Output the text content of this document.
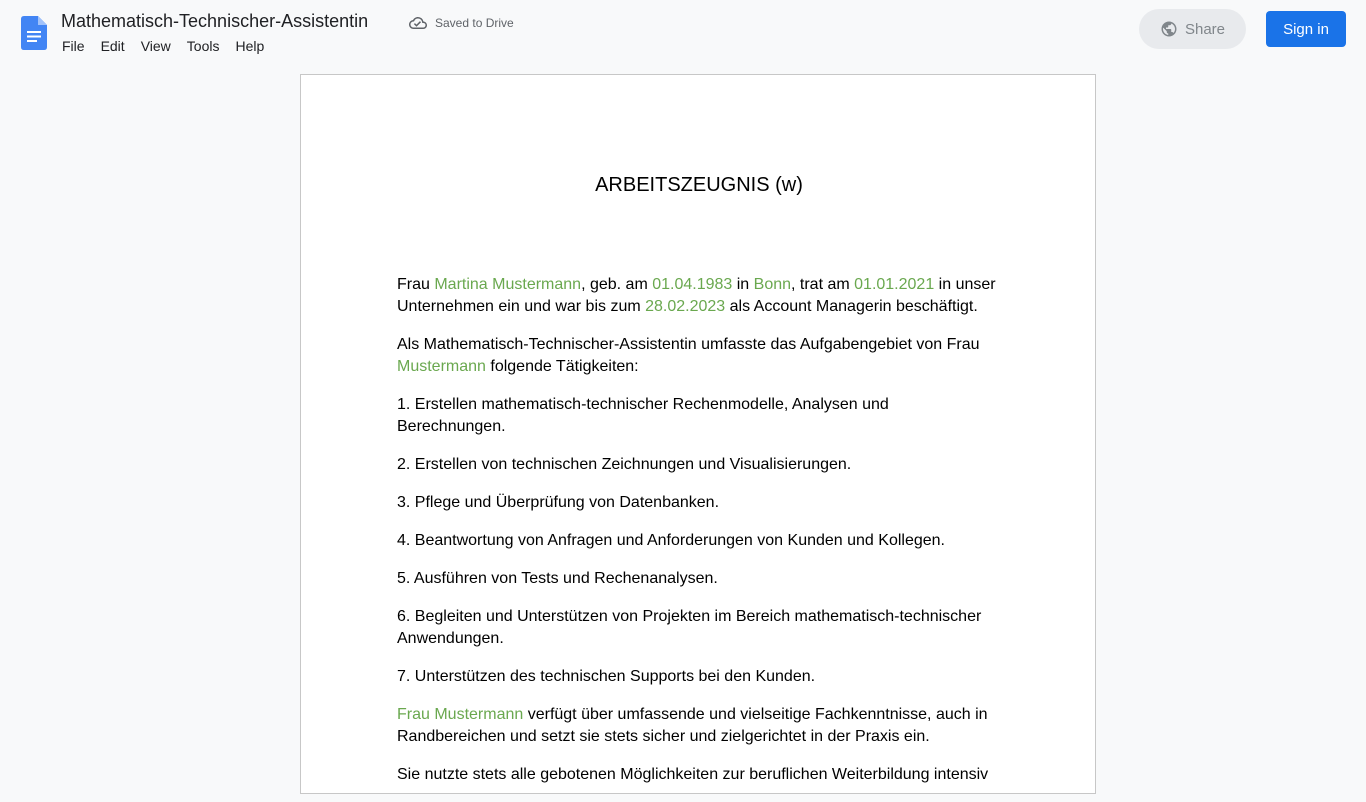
Mathematisch-Technischer-Assistentin	Saved to Drive
File	Edit	View	Tools	Help
Share	Sign in
ARBEITSZEUGNIS (w)

Frau Martina Mustermann, geb. am 01.04.1983 in Bonn, trat am 01.01.2021 in unser Unternehmen ein und war bis zum 28.02.2023 als Account Managerin beschäftigt.

Als Mathematisch-Technischer-Assistentin umfasste das Aufgabengebiet von Frau Mustermann folgende Tätigkeiten:

1. Erstellen mathematisch-technischer Rechenmodelle, Analysen und Berechnungen.

2. Erstellen von technischen Zeichnungen und Visualisierungen.

3. Pflege und Überprüfung von Datenbanken.

4. Beantwortung von Anfragen und Anforderungen von Kunden und Kollegen.

5. Ausführen von Tests und Rechenanalysen.

6. Begleiten und Unterstützen von Projekten im Bereich mathematisch-technischer Anwendungen.

7. Unterstützen des technischen Supports bei den Kunden.

Frau Mustermann verfügt über umfassende und vielseitige Fachkenntnisse, auch in Randbereichen und setzt sie stets sicher und zielgerichtet in der Praxis ein.

Sie nutzte stets alle gebotenen Möglichkeiten zur beruflichen Weiterbildung intensiv
